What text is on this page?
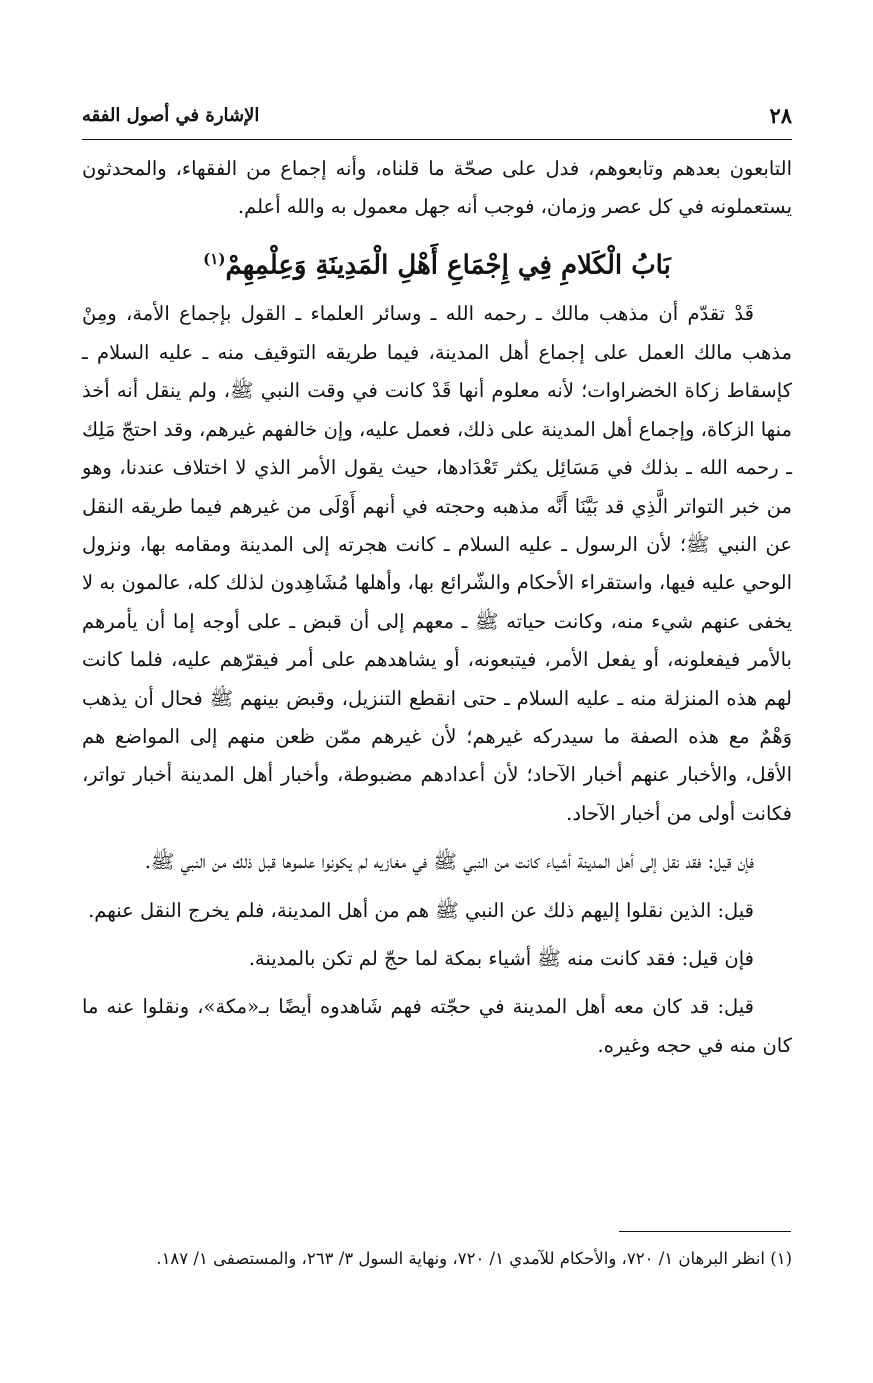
٢٨
الإشارة في أصول الفقه

التابعون بعدهم وتابعوهم، فدل على صحّة ما قلناه، وأنه إجماع من الفقهاء، والمحدثون يستعملونه في كل عصر وزمان، فوجب أنه جهل معمول به والله أعلم.

بَابُ الْكَلامِ فِي إِجْمَاعِ أَهْلِ الْمَدِينَةِ وَعِلْمِهِمْ$^{(١)}$

قَدْ تقدّم أن مذهب مالك ـ رحمه الله ـ وسائر العلماء ـ القول بإجماع الأمة، ومِنْ مذهب مالك العمل على إجماع أهل المدينة، فيما طريقه التوقيف منه ـ عليه السلام ـ كإسقاط زكاة الخضراوات؛ لأنه معلوم أنها قَدْ كانت في وقت النبي ﷺ، ولم ينقل أنه أخذ منها الزكاة، وإجماع أهل المدينة على ذلك، فعمل عليه، وإن خالفهم غيرهم، وقد احتجّ مَلِك ـ رحمه الله ـ بذلك في مَسَائِل يكثر تَعْدَادها، حيث يقول الأمر الذي لا اختلاف عندنا، وهو من خبر التواتر الَّذِي قد بَيَّنَا أَنَّه مذهبه وحجته في أنهم أَوْلَى من غيرهم فيما طريقه النقل عن النبي ﷺ؛ لأن الرسول ـ عليه السلام ـ كانت هجرته إلى المدينة ومقامه بها، ونزول الوحي عليه فيها، واستقراء الأحكام والشّرائع بها، وأهلها مُشَاهِدون لذلك كله، عالمون به لا يخفى عنهم شيء منه، وكانت حياته ﷺ ـ معهم إلى أن قبض ـ على أوجه إما أن يأمرهم بالأمر فيفعلونه، أو يفعل الأمر، فيتبعونه، أو يشاهدهم على أمر فيقرّهم عليه، فلما كانت لهم هذه المنزلة منه ـ عليه السلام ـ حتى انقطع التنزيل، وقبض بينهم ﷺ فحال أن يذهب وَهْمٌ مع هذه الصفة ما سيدركه غيرهم؛ لأن غيرهم ممّن ظعن منهم إلى المواضع هم الأقل، والأخبار عنهم أخبار الآحاد؛ لأن أعدادهم مضبوطة، وأخبار أهل المدينة أخبار تواتر، فكانت أولى من أخبار الآحاد.

فإن قيل: فقد نقل إلى أهل المدينة أشياء كانت من النبي ﷺ في مغازيه لم يكونوا علموها قبل ذلك من النبي ﷺ.

قيل: الذين نقلوا إليهم ذلك عن النبي ﷺ هم من أهل المدينة، فلم يخرج النقل عنهم.

فإن قيل: فقد كانت منه ﷺ أشياء بمكة لما حجّ لم تكن بالمدينة.

قيل: قد كان معه أهل المدينة في حجّته فهم شَاهدوه أيضًا بـ«مكة»، ونقلوا عنه ما كان منه في حجه وغيره.

(١) انظر البرهان ١/ ٧٢٠، والأحكام للآمدي ١/ ٧٢٠، ونهاية السول ٣/ ٢٦٣، والمستصفى ١/ ١٨٧.
